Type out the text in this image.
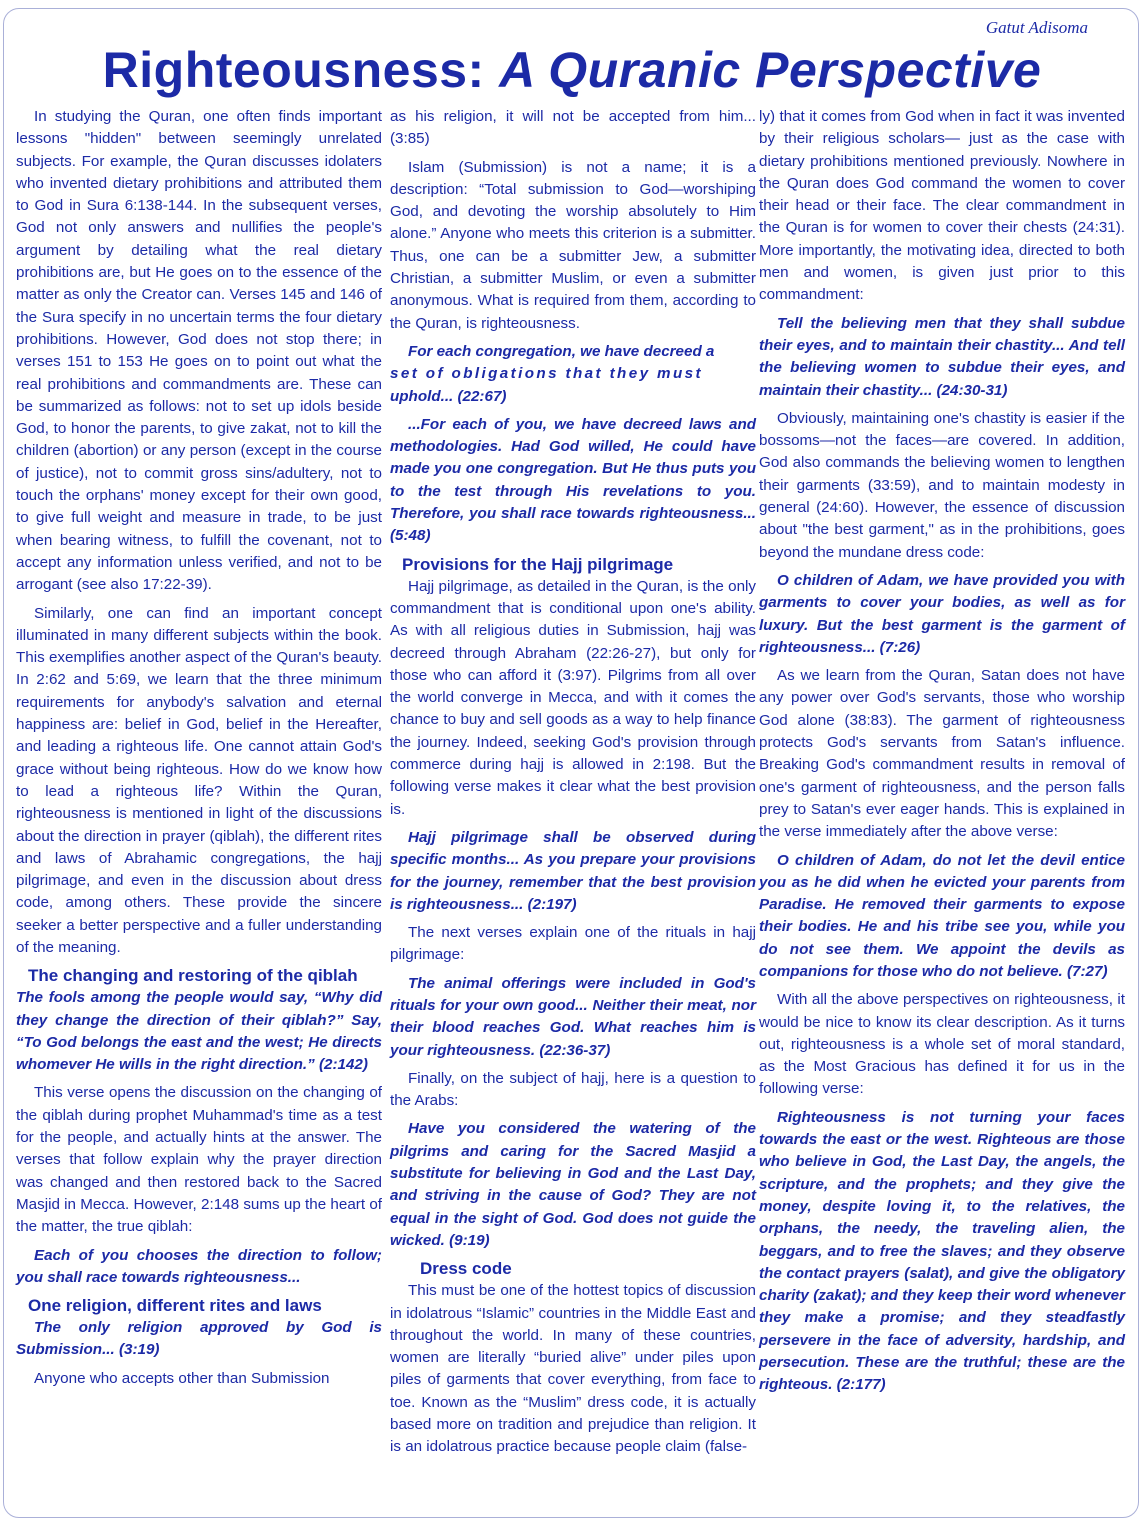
Gatut Adisoma
Righteousness: A Quranic Perspective

In studying the Quran, one often finds important lessons "hidden" between seemingly unrelated subjects. For example, the Quran discusses idolaters who invented dietary prohibitions and attributed them to God in Sura 6:138-144. In the subsequent verses, God not only answers and nullifies the people's argument by detailing what the real dietary prohibitions are, but He goes on to the essence of the matter as only the Creator can. Verses 145 and 146 of the Sura specify in no uncertain terms the four dietary prohibitions. However, God does not stop there; in verses 151 to 153 He goes on to point out what the real prohibitions and commandments are. These can be summarized as follows: not to set up idols beside God, to honor the parents, to give zakat, not to kill the children (abortion) or any person (except in the course of justice), not to commit gross sins/adultery, not to touch the orphans' money except for their own good, to give full weight and measure in trade, to be just when bearing witness, to fulfill the covenant, not to accept any information unless verified, and not to be arrogant (see also 17:22-39).

Similarly, one can find an important concept illuminated in many different subjects within the book. This exemplifies another aspect of the Quran's beauty. In 2:62 and 5:69, we learn that the three minimum requirements for anybody's salvation and eternal happiness are: belief in God, belief in the Hereafter, and leading a righteous life. One cannot attain God's grace without being righteous. How do we know how to lead a righteous life? Within the Quran, righteousness is mentioned in light of the discussions about the direction in prayer (qiblah), the different rites and laws of Abrahamic congregations, the hajj pilgrimage, and even in the discussion about dress code, among others. These provide the sincere seeker a better perspective and a fuller understanding of the meaning.

The changing and restoring of the qiblah

The fools among the people would say, “Why did they change the direction of their qiblah?” Say, “To God belongs the east and the west; He directs whomever He wills in the right direction.” (2:142)

This verse opens the discussion on the changing of the qiblah during prophet Muhammad's time as a test for the people, and actually hints at the answer. The verses that follow explain why the prayer direction was changed and then restored back to the Sacred Masjid in Mecca. However, 2:148 sums up the heart of the matter, the true qiblah:

Each of you chooses the direction to follow; you shall race towards righteousness...

One religion, different rites and laws

The only religion approved by God is Submission... (3:19)

Anyone who accepts other than Submission

as his religion, it will not be accepted from him... (3:85)

Islam (Submission) is not a name; it is a description: “Total submission to God—worshiping God, and devoting the worship absolutely to Him alone.” Anyone who meets this criterion is a submitter. Thus, one can be a submitter Jew, a submitter Christian, a submitter Muslim, or even a submitter anonymous. What is required from them, according to the Quran, is righteousness.

For each congregation, we have decreed a
set of obligations that they must
uphold... (22:67)

...For each of you, we have decreed laws and methodologies. Had God willed, He could have made you one congregation. But He thus puts you to the test through His revelations to you. Therefore, you shall race towards righteousness... (5:48)

Provisions for the Hajj pilgrimage

Hajj pilgrimage, as detailed in the Quran, is the only commandment that is conditional upon one's ability. As with all religious duties in Submission, hajj was decreed through Abraham (22:26-27), but only for those who can afford it (3:97). Pilgrims from all over the world converge in Mecca, and with it comes the chance to buy and sell goods as a way to help finance the journey. Indeed, seeking God's provision through commerce during hajj is allowed in 2:198. But the following verse makes it clear what the best provision is.

Hajj pilgrimage shall be observed during specific months... As you prepare your provisions for the journey, remember that the best provision is righteousness... (2:197)

The next verses explain one of the rituals in hajj pilgrimage:

The animal offerings were included in God's rituals for your own good... Neither their meat, nor their blood reaches God. What reaches him is your righteousness. (22:36-37)

Finally, on the subject of hajj, here is a question to the Arabs:

Have you considered the watering of the pilgrims and caring for the Sacred Masjid a substitute for believing in God and the Last Day, and striving in the cause of God? They are not equal in the sight of God. God does not guide the wicked. (9:19)

Dress code

This must be one of the hottest topics of discussion in idolatrous “Islamic” countries in the Middle East and throughout the world. In many of these countries, women are literally “buried alive” under piles upon piles of garments that cover everything, from face to toe. Known as the “Muslim” dress code, it is actually based more on tradition and prejudice than religion. It is an idolatrous practice because people claim (false-

ly) that it comes from God when in fact it was invented by their religious scholars— just as the case with dietary prohibitions mentioned previously. Nowhere in the Quran does God command the women to cover their head or their face. The clear commandment in the Quran is for women to cover their chests (24:31). More importantly, the motivating idea, directed to both men and women, is given just prior to this commandment:

Tell the believing men that they shall subdue their eyes, and to maintain their chastity... And tell the believing women to subdue their eyes, and maintain their chastity... (24:30-31)

Obviously, maintaining one's chastity is easier if the bossoms—not the faces—are covered. In addition, God also commands the believing women to lengthen their garments (33:59), and to maintain modesty in general (24:60). However, the essence of discussion about "the best garment," as in the prohibitions, goes beyond the mundane dress code:

O children of Adam, we have provided you with garments to cover your bodies, as well as for luxury. But the best garment is the garment of righteousness... (7:26)

As we learn from the Quran, Satan does not have any power over God's servants, those who worship God alone (38:83). The garment of righteousness protects God's servants from Satan's influence. Breaking God's commandment results in removal of one's garment of righteousness, and the person falls prey to Satan's ever eager hands. This is explained in the verse immediately after the above verse:

O children of Adam, do not let the devil entice you as he did when he evicted your parents from Paradise. He removed their garments to expose their bodies. He and his tribe see you, while you do not see them. We appoint the devils as companions for those who do not believe. (7:27)

With all the above perspectives on righteousness, it would be nice to know its clear description. As it turns out, righteousness is a whole set of moral standard, as the Most Gracious has defined it for us in the following verse:

Righteousness is not turning your faces towards the east or the west. Righteous are those who believe in God, the Last Day, the angels, the scripture, and the prophets; and they give the money, despite loving it, to the relatives, the orphans, the needy, the traveling alien, the beggars, and to free the slaves; and they observe the contact prayers (salat), and give the obligatory charity (zakat); and they keep their word whenever they make a promise; and they steadfastly persevere in the face of adversity, hardship, and persecution. These are the truthful; these are the righteous. (2:177)
